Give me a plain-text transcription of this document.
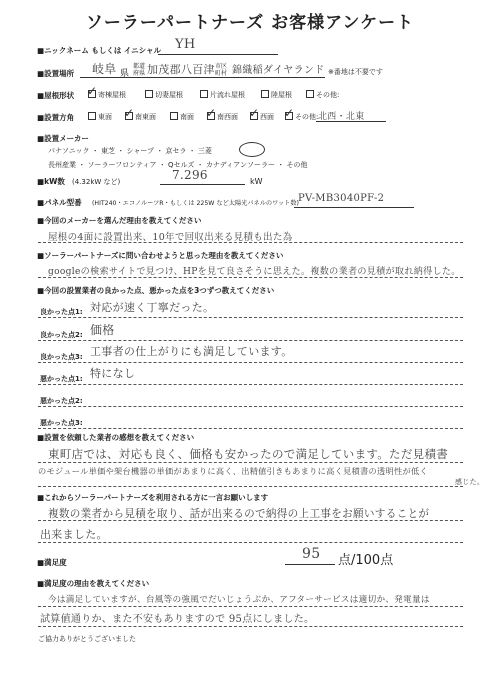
ソーラーパートナーズ お客様アンケート
■ニックネーム もしくは イニシャル YH
■設置場所 岐阜 県
都道府県 加茂郡八百津 市区町村 錦織稲ダイヤランド ※番地は不要です
■屋根形状	寄棟屋根
✓	切妻屋根	片流れ屋根	陸屋根	その他:
■設置方角	東面	南東面
✓	南面	南西面
✓	西面
✓	その他:
✓	北西・北東
■設置メーカー
パナソニック ・ 東芝 ・ シャープ ・ 京セラ ・ 三菱
長州産業 ・ ソーラーフロンティア ・ Qセルズ ・ カナディアンソーラー ・ その他
■kW数 (4.32kW など)	7.296	kW
■パネル型番 (HIT240・エコノルーツR・もしくは 225W など太陽光パネルのワット数) PV-MB3040PF-2
■今回のメーカーを選んだ理由を教えてください
屋根の4面に設置出来、10年で回収出来る見積も出た為
■ソーラーパートナーズに問い合わせようと思った理由を教えてください
googleの検索サイトで見つけ、HPを見て良さそうに思えた。複数の業者の見積が取れ納得した。
■今回の設置業者の良かった点、悪かった点を3つずつ教えてください
良かった点1: 対応が速く丁寧だった。
良かった点2: 価格
良かった点3: 工事者の仕上がりにも満足しています。
悪かった点1: 特になし
悪かった点2:
悪かった点3:
■設置を依頼した業者の感想を教えてください
東町店では、対応も良く、価格も安かったので満足しています。ただ見積書
のモジュール単価や架台機器の単価があまりに高く、出精値引きもあまりに高く見積書の透明性が低く
感じた。
■これからソーラーパートナーズを利用される方に一言お願いします
複数の業者から見積を取り、話が出来るので納得の上工事をお願いすることが
出来ました。
■満足度
95 点/100点
■満足度の理由を教えてください
今は満足していますが、台風等の強風でだいじょうぶか、アフターサービスは適切か、発電量は
試算値通りか、また不安もありますので 95点にしました。
ご協力ありがとうございました
